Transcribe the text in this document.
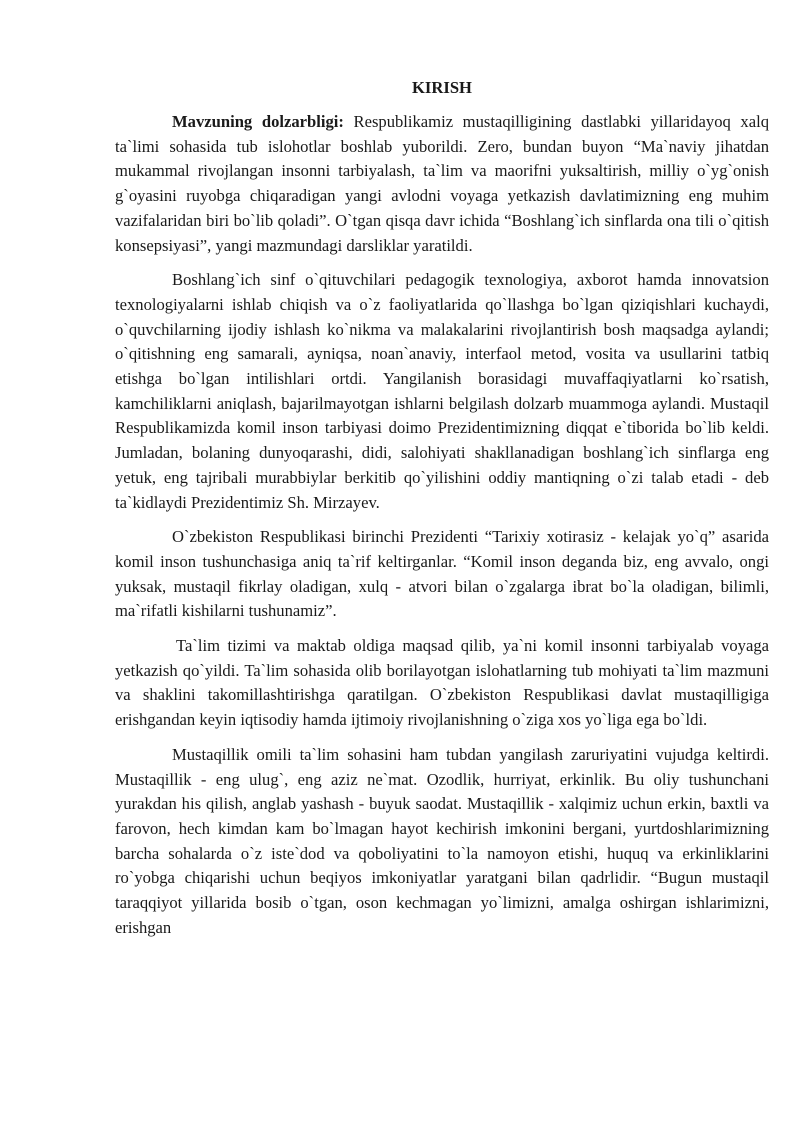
KIRISH

Mavzuning dolzarbligi: Respublikamiz mustaqilligining dastlabki yillaridayoq xalq ta`limi sohasida tub islohotlar boshlab yuborildi. Zero, bundan buyon “Ma`naviy jihatdan mukammal rivojlangan insonni tarbiyalash, ta`lim va maorifni yuksaltirish, milliy o`yg`onish g`oyasini ruyobga chiqaradigan yangi avlodni voyaga yetkazish davlatimizning eng muhim vazifalaridan biri bo`lib qoladi”. O`tgan qisqa davr ichida “Boshlang`ich sinflarda ona tili o`qitish konsepsiyasi”, yangi mazmundagi darsliklar yaratildi.

Boshlang`ich sinf o`qituvchilari pedagogik texnologiya, axborot hamda innovatsion texnologiyalarni ishlab chiqish va o`z faoliyatlarida qo`llashga bo`lgan qiziqishlari kuchaydi, o`quvchilarning ijodiy ishlash ko`nikma va malakalarini rivojlantirish bosh maqsadga aylandi; o`qitishning eng samarali, ayniqsa, noan`anaviy, interfaol metod, vosita va usullarini tatbiq etishga bo`lgan intilishlari ortdi. Yangilanish borasidagi muvaffaqiyatlarni ko`rsatish, kamchiliklarni aniqlash, bajarilmayotgan ishlarni belgilash dolzarb muammoga aylandi. Mustaqil Respublikamizda komil inson tarbiyasi doimo Prezidentimizning diqqat e`tiborida bo`lib keldi. Jumladan, bolaning dunyoqarashi, didi, salohiyati shakllanadigan boshlang`ich sinflarga eng yetuk, eng tajribali murabbiylar berkitib qo`yilishini oddiy mantiqning o`zi talab etadi - deb ta`kidlaydi Prezidentimiz Sh. Mirzayev.

O`zbekiston Respublikasi birinchi Prezidenti “Tarixiy xotirasiz - kelajak yo`q” asarida komil inson tushunchasiga aniq ta`rif keltirganlar. “Komil inson deganda biz, eng avvalo, ongi yuksak, mustaqil fikrlay oladigan, xulq - atvori bilan o`zgalarga ibrat bo`la oladigan, bilimli, ma`rifatli kishilarni tushunamiz”.

Ta`lim tizimi va maktab oldiga maqsad qilib, ya`ni komil insonni tarbiyalab voyaga yetkazish qo`yildi. Ta`lim sohasida olib borilayotgan islohatlarning tub mohiyati ta`lim mazmuni va shaklini takomillashtirishga qaratilgan. O`zbekiston Respublikasi davlat mustaqilligiga erishgandan keyin iqtisodiy hamda ijtimoiy rivojlanishning o`ziga xos yo`liga ega bo`ldi.

Mustaqillik omili ta`lim sohasini ham tubdan yangilash zaruriyatini vujudga keltirdi. Mustaqillik - eng ulug`, eng aziz ne`mat. Ozodlik, hurriyat, erkinlik. Bu oliy tushunchani yurakdan his qilish, anglab yashash - buyuk saodat. Mustaqillik - xalqimiz uchun erkin, baxtli va farovon, hech kimdan kam bo`lmagan hayot kechirish imkonini bergani, yurtdoshlarimizning barcha sohalarda o`z iste`dod va qoboliyatini to`la namoyon etishi, huquq va erkinliklarini ro`yobga chiqarishi uchun beqiyos imkoniyatlar yaratgani bilan qadrlidir. “Bugun mustaqil taraqqiyot yillarida bosib o`tgan, oson kechmagan yo`limizni, amalga oshirgan ishlarimizni, erishgan
